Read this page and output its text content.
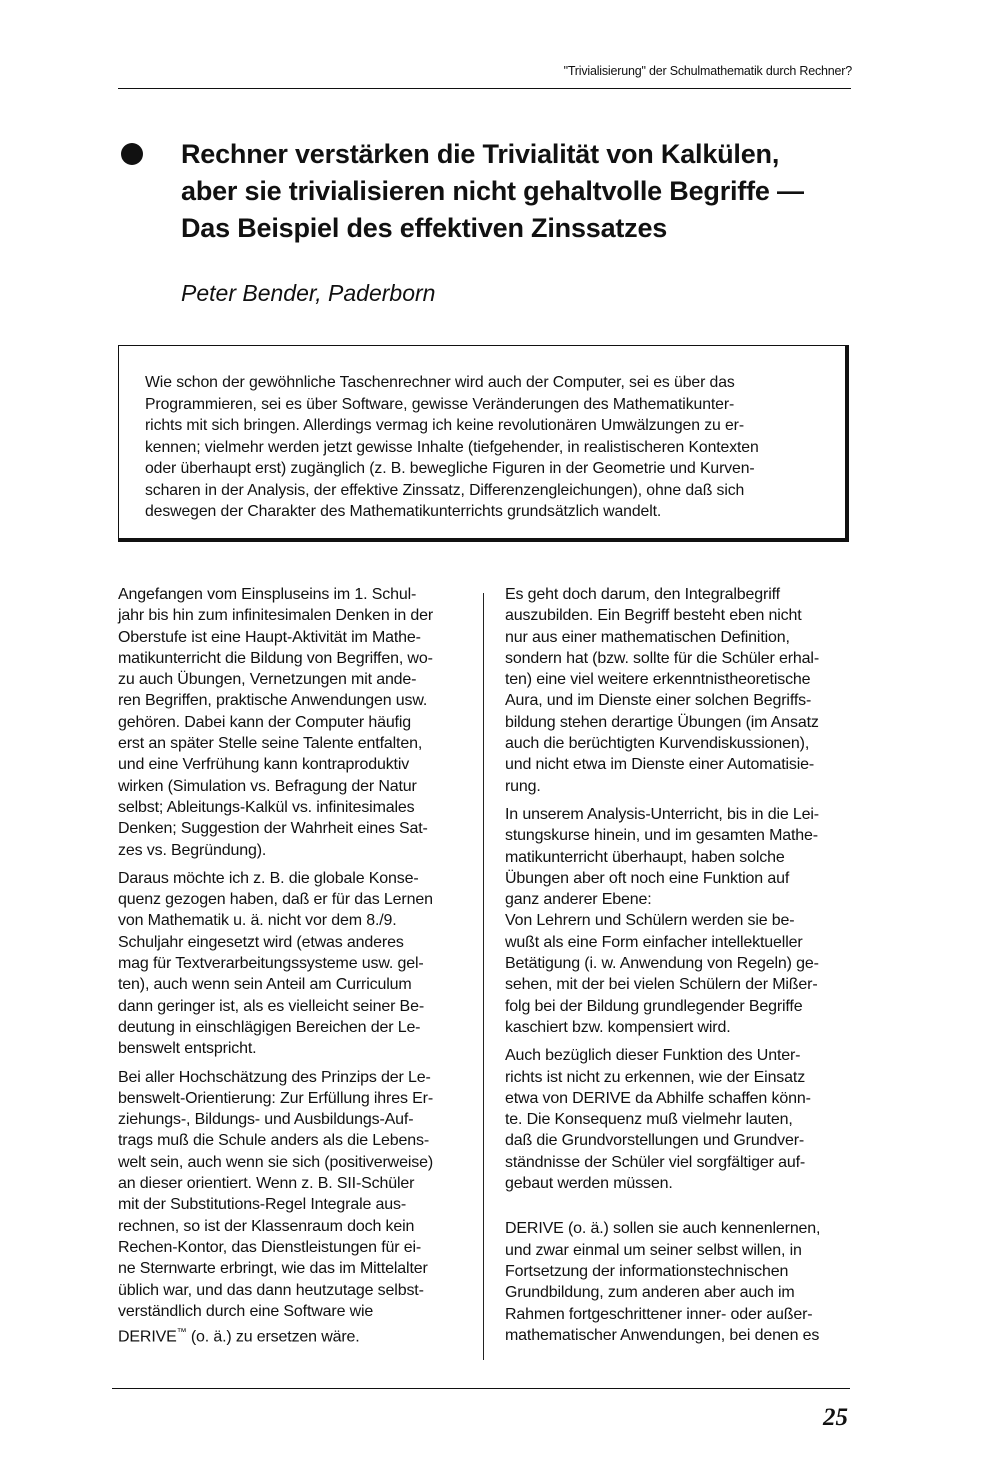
"Trivialisierung" der Schulmathematik durch Rechner?
Rechner verstärken die Trivialität von Kalkülen,
aber sie trivialisieren nicht gehaltvolle Begriffe —
Das Beispiel des effektiven Zinssatzes
Peter Bender, Paderborn
Wie schon der gewöhnliche Taschenrechner wird auch der Computer, sei es über das
Programmieren, sei es über Software, gewisse Veränderungen des Mathematikunter-
richts mit sich bringen. Allerdings vermag ich keine revolutionären Umwälzungen zu er-
kennen; vielmehr werden jetzt gewisse Inhalte (tiefgehender, in realistischeren Kontexten
oder überhaupt erst) zugänglich (z. B. bewegliche Figuren in der Geometrie und Kurven-
scharen in der Analysis, der effektive Zinssatz, Differenzengleichungen), ohne daß sich
deswegen der Charakter des Mathematikunterrichts grundsätzlich wandelt.
Angefangen vom Einspluseins im 1. Schul-
jahr bis hin zum infinitesimalen Denken in der
Oberstufe ist eine Haupt-Aktivität im Mathe-
matikunterricht die Bildung von Begriffen, wo-
zu auch Übungen, Vernetzungen mit ande-
ren Begriffen, praktische Anwendungen usw.
gehören. Dabei kann der Computer häufig
erst an später Stelle seine Talente entfalten,
und eine Verfrühung kann kontraproduktiv
wirken (Simulation vs. Befragung der Natur
selbst; Ableitungs-Kalkül vs. infinitesimales
Denken; Suggestion der Wahrheit eines Sat-
zes vs. Begründung).
Daraus möchte ich z. B. die globale Konse-
quenz gezogen haben, daß er für das Lernen
von Mathematik u. ä. nicht vor dem 8./9.
Schuljahr eingesetzt wird (etwas anderes
mag für Textverarbeitungssysteme usw. gel-
ten), auch wenn sein Anteil am Curriculum
dann geringer ist, als es vielleicht seiner Be-
deutung in einschlägigen Bereichen der Le-
benswelt entspricht.
Bei aller Hochschätzung des Prinzips der Le-
benswelt-Orientierung: Zur Erfüllung ihres Er-
ziehungs-, Bildungs- und Ausbildungs-Auf-
trags muß die Schule anders als die Lebens-
welt sein, auch wenn sie sich (positiverweise)
an dieser orientiert. Wenn z. B. SII-Schüler
mit der Substitutions-Regel Integrale aus-
rechnen, so ist der Klassenraum doch kein
Rechen-Kontor, das Dienstleistungen für ei-
ne Sternwarte erbringt, wie das im Mittelalter
üblich war, und das dann heutzutage selbst-
verständlich durch eine Software wie
DERIVE™ (o. ä.) zu ersetzen wäre.
Es geht doch darum, den Integralbegriff
auszubilden. Ein Begriff besteht eben nicht
nur aus einer mathematischen Definition,
sondern hat (bzw. sollte für die Schüler erhal-
ten) eine viel weitere erkenntnistheoretische
Aura, und im Dienste einer solchen Begriffs-
bildung stehen derartige Übungen (im Ansatz
auch die berüchtigten Kurvendiskussionen),
und nicht etwa im Dienste einer Automatisie-
rung.
In unserem Analysis-Unterricht, bis in die Lei-
stungskurse hinein, und im gesamten Mathe-
matikunterricht überhaupt, haben solche
Übungen aber oft noch eine Funktion auf
ganz anderer Ebene:
Von Lehrern und Schülern werden sie be-
wußt als eine Form einfacher intellektueller
Betätigung (i. w. Anwendung von Regeln) ge-
sehen, mit der bei vielen Schülern der Mißer-
folg bei der Bildung grundlegender Begriffe
kaschiert bzw. kompensiert wird.
Auch bezüglich dieser Funktion des Unter-
richts ist nicht zu erkennen, wie der Einsatz
etwa von DERIVE da Abhilfe schaffen könn-
te. Die Konsequenz muß vielmehr lauten,
daß die Grundvorstellungen und Grundver-
ständnisse der Schüler viel sorgfältiger auf-
gebaut werden müssen.
DERIVE (o. ä.) sollen sie auch kennenlernen,
und zwar einmal um seiner selbst willen, in
Fortsetzung der informationstechnischen
Grundbildung, zum anderen aber auch im
Rahmen fortgeschrittener inner- oder außer-
mathematischer Anwendungen, bei denen es
25
